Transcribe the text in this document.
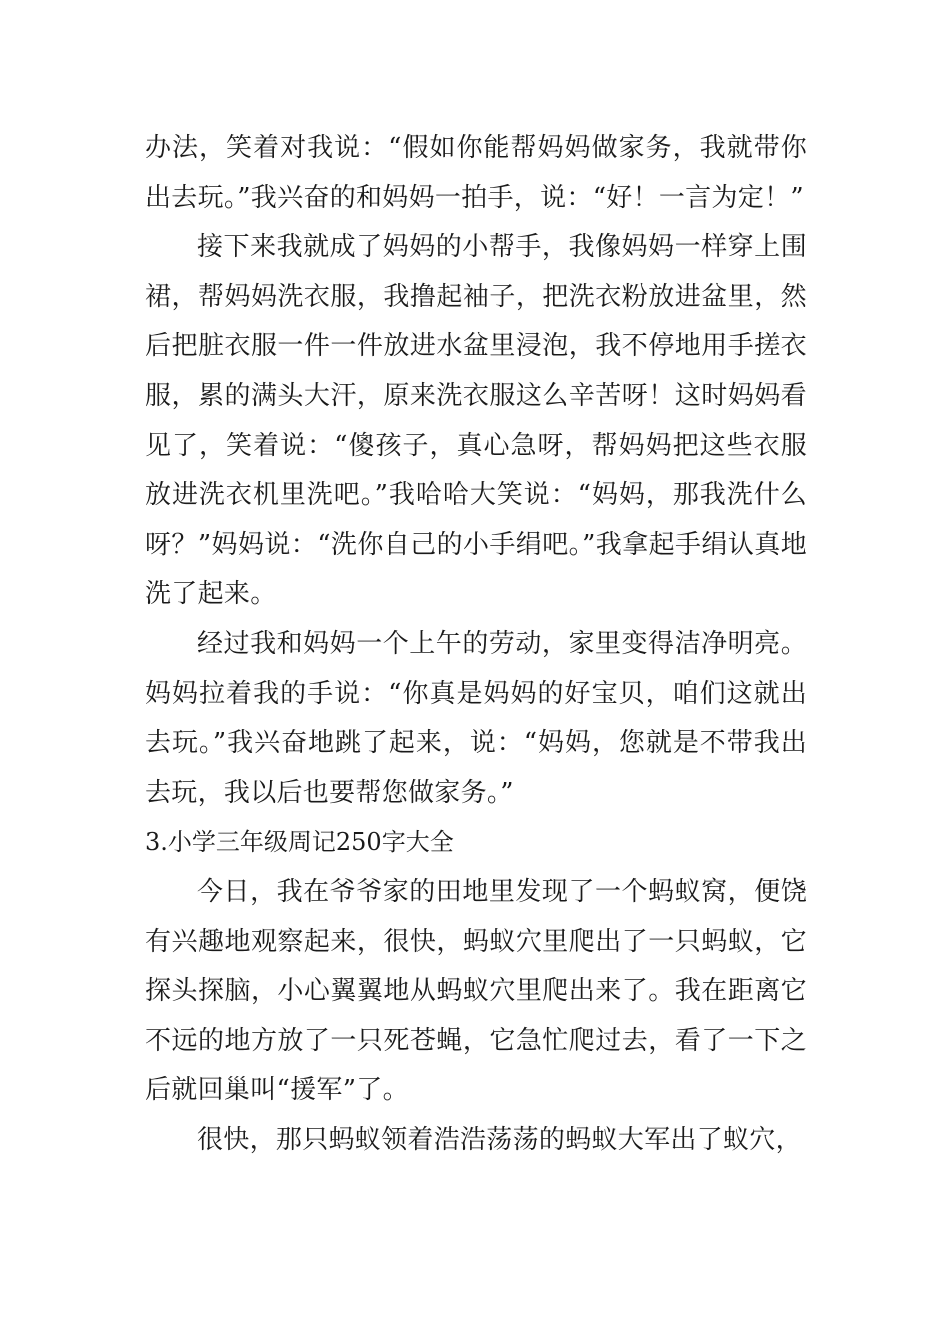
办法，笑着对我说：“假如你能帮妈妈做家务，我就带你出去玩。”我兴奋的和妈妈一拍手，说：“好！一言为定！”

接下来我就成了妈妈的小帮手，我像妈妈一样穿上围裙，帮妈妈洗衣服，我撸起袖子，把洗衣粉放进盆里，然后把脏衣服一件一件放进水盆里浸泡，我不停地用手搓衣服，累的满头大汗，原来洗衣服这么辛苦呀！这时妈妈看见了，笑着说：“傻孩子，真心急呀，帮妈妈把这些衣服放进洗衣机里洗吧。”我哈哈大笑说：“妈妈，那我洗什么呀？”妈妈说：“洗你自己的小手绢吧。”我拿起手绢认真地洗了起来。

经过我和妈妈一个上午的劳动，家里变得洁净明亮。妈妈拉着我的手说：“你真是妈妈的好宝贝，咱们这就出去玩。”我兴奋地跳了起来，说：“妈妈，您就是不带我出去玩，我以后也要帮您做家务。”

3.小学三年级周记250字大全

今日，我在爷爷家的田地里发现了一个蚂蚁窝，便饶有兴趣地观察起来，很快，蚂蚁穴里爬出了一只蚂蚁，它探头探脑，小心翼翼地从蚂蚁穴里爬出来了。我在距离它不远的地方放了一只死苍蝇，它急忙爬过去，看了一下之后就回巢叫“援军”了。

很快，那只蚂蚁领着浩浩荡荡的蚂蚁大军出了蚁穴，
